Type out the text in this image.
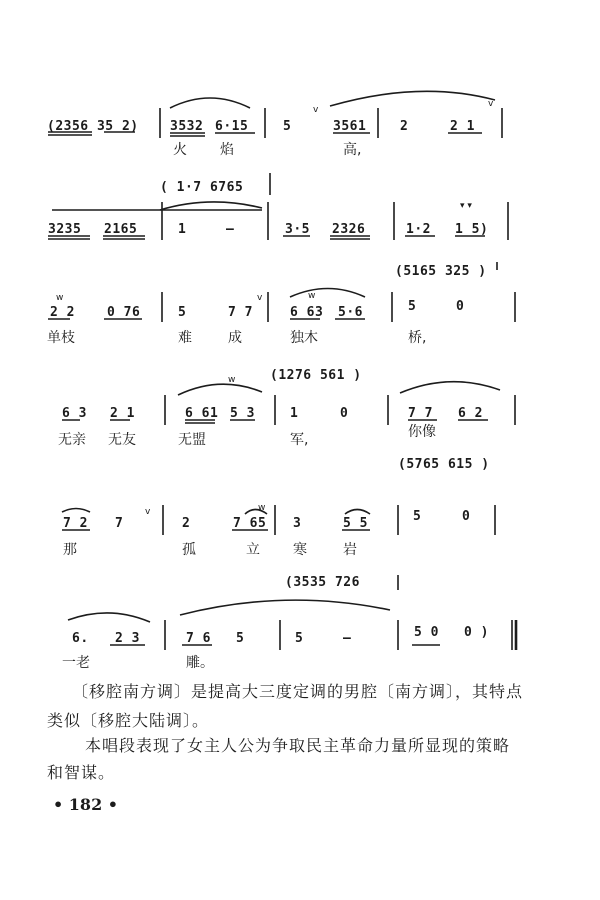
v
v
▾ ▾
w	v	w
w
v	w
(2356 35 2) 3532 6·15	5	3561	2	2 1
火 焰	高,
( 1·7 6765
3235 2165	1	—	3·5 2326	1·2 1 5)
(5165 325 )
2 2 0 76	5	7 7	6 63 5·6	5	0
单枝	难	成	独木	桥,
(1276 561 )
6 3 2 1	6 61 5 3	1	0	7 7 6 2
无亲 无友	无盟	军,	你像
(5765 615 )
7 2 7	2	7 65 3	5 5	5	0
那	孤	立 寒	岩
(3535 726
6. 2 3	7 6 5	5	—	5 0 0 )
一老	雕。
〔移腔南方调〕是提高大三度定调的男腔〔南方调〕，其特点
类似〔移腔大陆调〕。
本唱段表现了女主人公为争取民主革命力量所显现的策略
和智谋。
• 182 •
